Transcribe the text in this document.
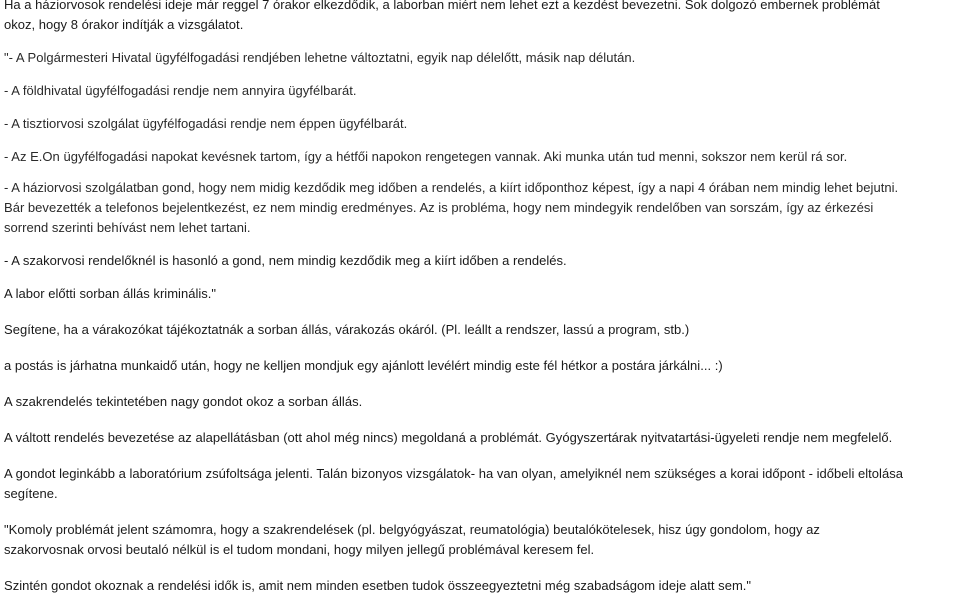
Ha a háziorvosok rendelési ideje már reggel 7 órakor elkezdődik, a laborban miért nem lehet ezt a kezdést bevezetni. Sok dolgozó embernek problémát
okoz, hogy 8 órakor indítják a vizsgálatot.
"- A Polgármesteri Hivatal ügyfélfogadási rendjében lehetne változtatni, egyik nap délelőtt, másik nap délután.
- A földhivatal ügyfélfogadási rendje nem annyira ügyfélbarát.
- A tisztiorvosi szolgálat ügyfélfogadási rendje nem éppen ügyfélbarát.
- Az E.On ügyfélfogadási napokat kevésnek tartom, így a hétfői napokon rengetegen vannak. Aki munka után tud menni, sokszor nem kerül rá sor.
- A háziorvosi szolgálatban gond, hogy nem midig kezdődik meg időben a rendelés, a kiírt időponthoz képest, így a napi 4 órában nem mindig lehet bejutni.
Bár bevezették a telefonos bejelentkezést, ez nem mindig eredményes. Az is probléma, hogy nem mindegyik rendelőben van sorszám, így az érkezési
sorrend szerinti behívást nem lehet tartani.
- A szakorvosi rendelőknél is hasonló a gond, nem mindig kezdődik meg a kiírt időben a rendelés.
A labor előtti sorban állás kriminális."
Segítene, ha a várakozókat tájékoztatnák a sorban állás, várakozás okáról. (Pl. leállt a rendszer, lassú a program, stb.)
a postás is járhatna munkaidő után, hogy ne kelljen mondjuk egy ajánlott levélért mindig este fél hétkor a postára járkálni... :)
A szakrendelés tekintetében nagy gondot okoz a sorban állás.
A váltott rendelés bevezetése az alapellátásban (ott ahol még nincs) megoldaná a problémát. Gyógyszertárak nyitvatartási-ügyeleti rendje nem megfelelő.
A gondot leginkább a laboratórium zsúfoltsága jelenti. Talán bizonyos vizsgálatok- ha van olyan, amelyiknél nem szükséges a korai időpont - időbeli eltolása
segítene.
"Komoly problémát jelent számomra, hogy a szakrendelések (pl. belgyógyászat, reumatológia) beutalókötelesek, hisz úgy gondolom, hogy az
szakorvosnak orvosi beutaló nélkül is el tudom mondani, hogy milyen jellegű problémával keresem fel.
Szintén gondot okoznak a rendelési idők is, amit nem minden esetben tudok összeegyeztetni még szabadságom ideje alatt sem."
